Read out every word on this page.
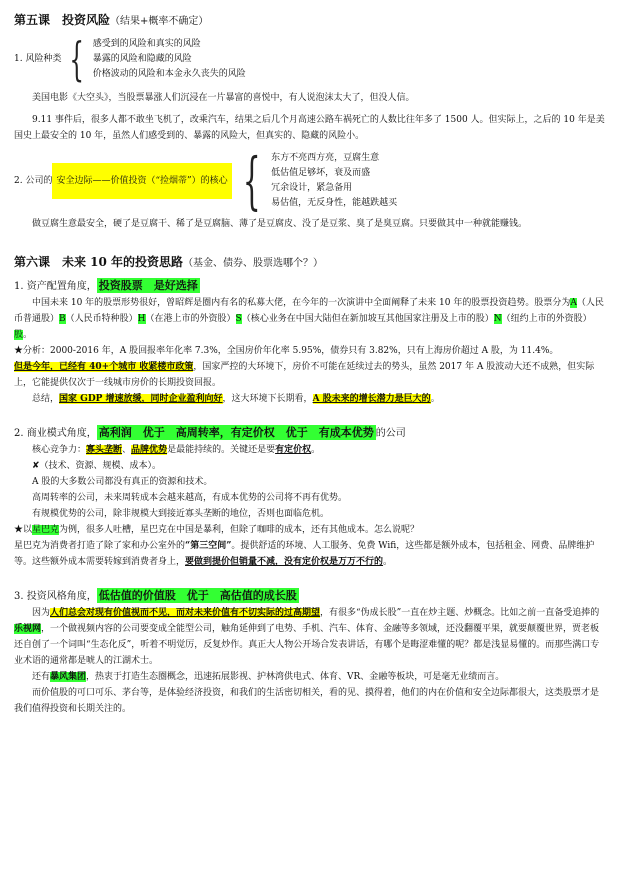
第五课　投资风险（结果+概率不确定）
1. 风险种类 { 感受到的风险和真实的风险
暴露的风险和隐藏的风险
价格波动的风险和本金永久丧失的风险

美国电影《大空头》，当股票暴涨人们沉浸在一片暴富的喜悦中，有人说泡沫太大了，但没人信。

9.11 事件后，很多人都不敢坐飞机了，改乘汽车，结果之后几个月高速公路车祸死亡的人数比往年多了 1500 人。但实际上，之后的 10 年是美国史上最安全的 10 年，虽然人们感受到的、暴露的风险大，但真实的、隐藏的风险小。

2. 公司的 安全边际——价值投资（“捡烟蒂”）的核心 { 东方不亮西方亮，豆腐生意
低估值足够坏，衰及而盛
冗余设计，紧急备用
易估值，无反身性，能越跌越买

做豆腐生意最安全，硬了是豆腐干、稀了是豆腐脑、薄了是豆腐皮、没了是豆浆、臭了是臭豆腐。只要做其中一种就能赚钱。

第六课　未来 10 年的投资思路（基金、债券、股票选哪个？）

1. 资产配置角度， 投资股票　是好选择

中国未来 10 年的股票形势很好，曾昭辉是圈内有名的私募大佬，在今年的一次演讲中全面阐释了未来 10 年的股票投资趋势。股票分为A（人民币普通股）B（人民币特种股）H（在港上市的外资股）S（核心业务在中国大陆但在新加坡互其他国家注册及上市的股）N（纽约上市的外资股）股。

★分析：2000-2016 年，A 股回报率年化率 7.3%，全国房价年化率 5.95%，债券只有 3.82%，只有上海房价超过 A 股，为 11.4%。

但是今年，已经有 40+个城市 收紧楼市政策，国家严控的大环境下，房价不可能在延续过去的势头，虽然 2017 年 A 股波动大还不成熟，但实际上，它能提供仅次于一线城市房价的长期投资回报。

总结，国家 GDP 增速放缓，同时企业盈利向好，这大环境下长期看，A 股未来的增长潜力是巨大的。

2. 商业模式角度， 高利润　优于　高周转率，有定价权　优于　有成本优势 的公司

核心竞争力：寡头垄断、品牌优势是最能持续的。关键还是要有定价权。

✘（技术、资源、规模、成本）。

A 股的大多数公司都没有真正的资源和技术。

高周转率的公司，未来周转成本会越来越高，有成本优势的公司将不再有优势。

有规模优势的公司，除非规模大到接近寡头垄断的地位，否则也面临危机。

★以星巴克为例，很多人吐槽，星巴克在中国是暴利，但除了咖啡的成本，还有其他成本。怎么说呢？

星巴克为消费者打造了除了家和办公室外的“第三空间”。提供舒适的环境、人工服务、免费 Wifi，这些都是额外成本，包括租金、网费、品牌维护等。这些额外成本需要转嫁到消费者身上，要做到提价但销量不减，没有定价权是万万不行的。

3. 投资风格角度， 低估值的价值股　优于　高估值的成长股

因为人们总会对现有价值视而不见，而对未来价值有不切实际的过高期望，有很多“伪成长股”一直在炒主题、炒概念。比如之前一直备受追捧的乐视网，一个做视频内容的公司要变成全能型公司，触角延伸到了电势、手机、汽车、体育、金融等多领域，还没翻覆平果，就要颠覆世界，贾老板还自创了一个词叫“生态化反”，听着不明觉厉，反复炒作。真正大人物公开场合发表讲话，有哪个是晦涩难懂的呢？都是浅显易懂的。而那些满口专业术语的通常都是唬人的江湖术士。

还有暴风集团，热衷于打造生态圈概念，迅速拓展影视、护林湾供电式、体育、VR、金融等板块，可是毫无业绩而言。

而价值股的可口可乐、茅台等，是体验经济投资，和我们的生活密切相关，看的见、摸得着，他们的内在价值和安全边际都很大，这类股票才是我们值得投资和长期关注的。
